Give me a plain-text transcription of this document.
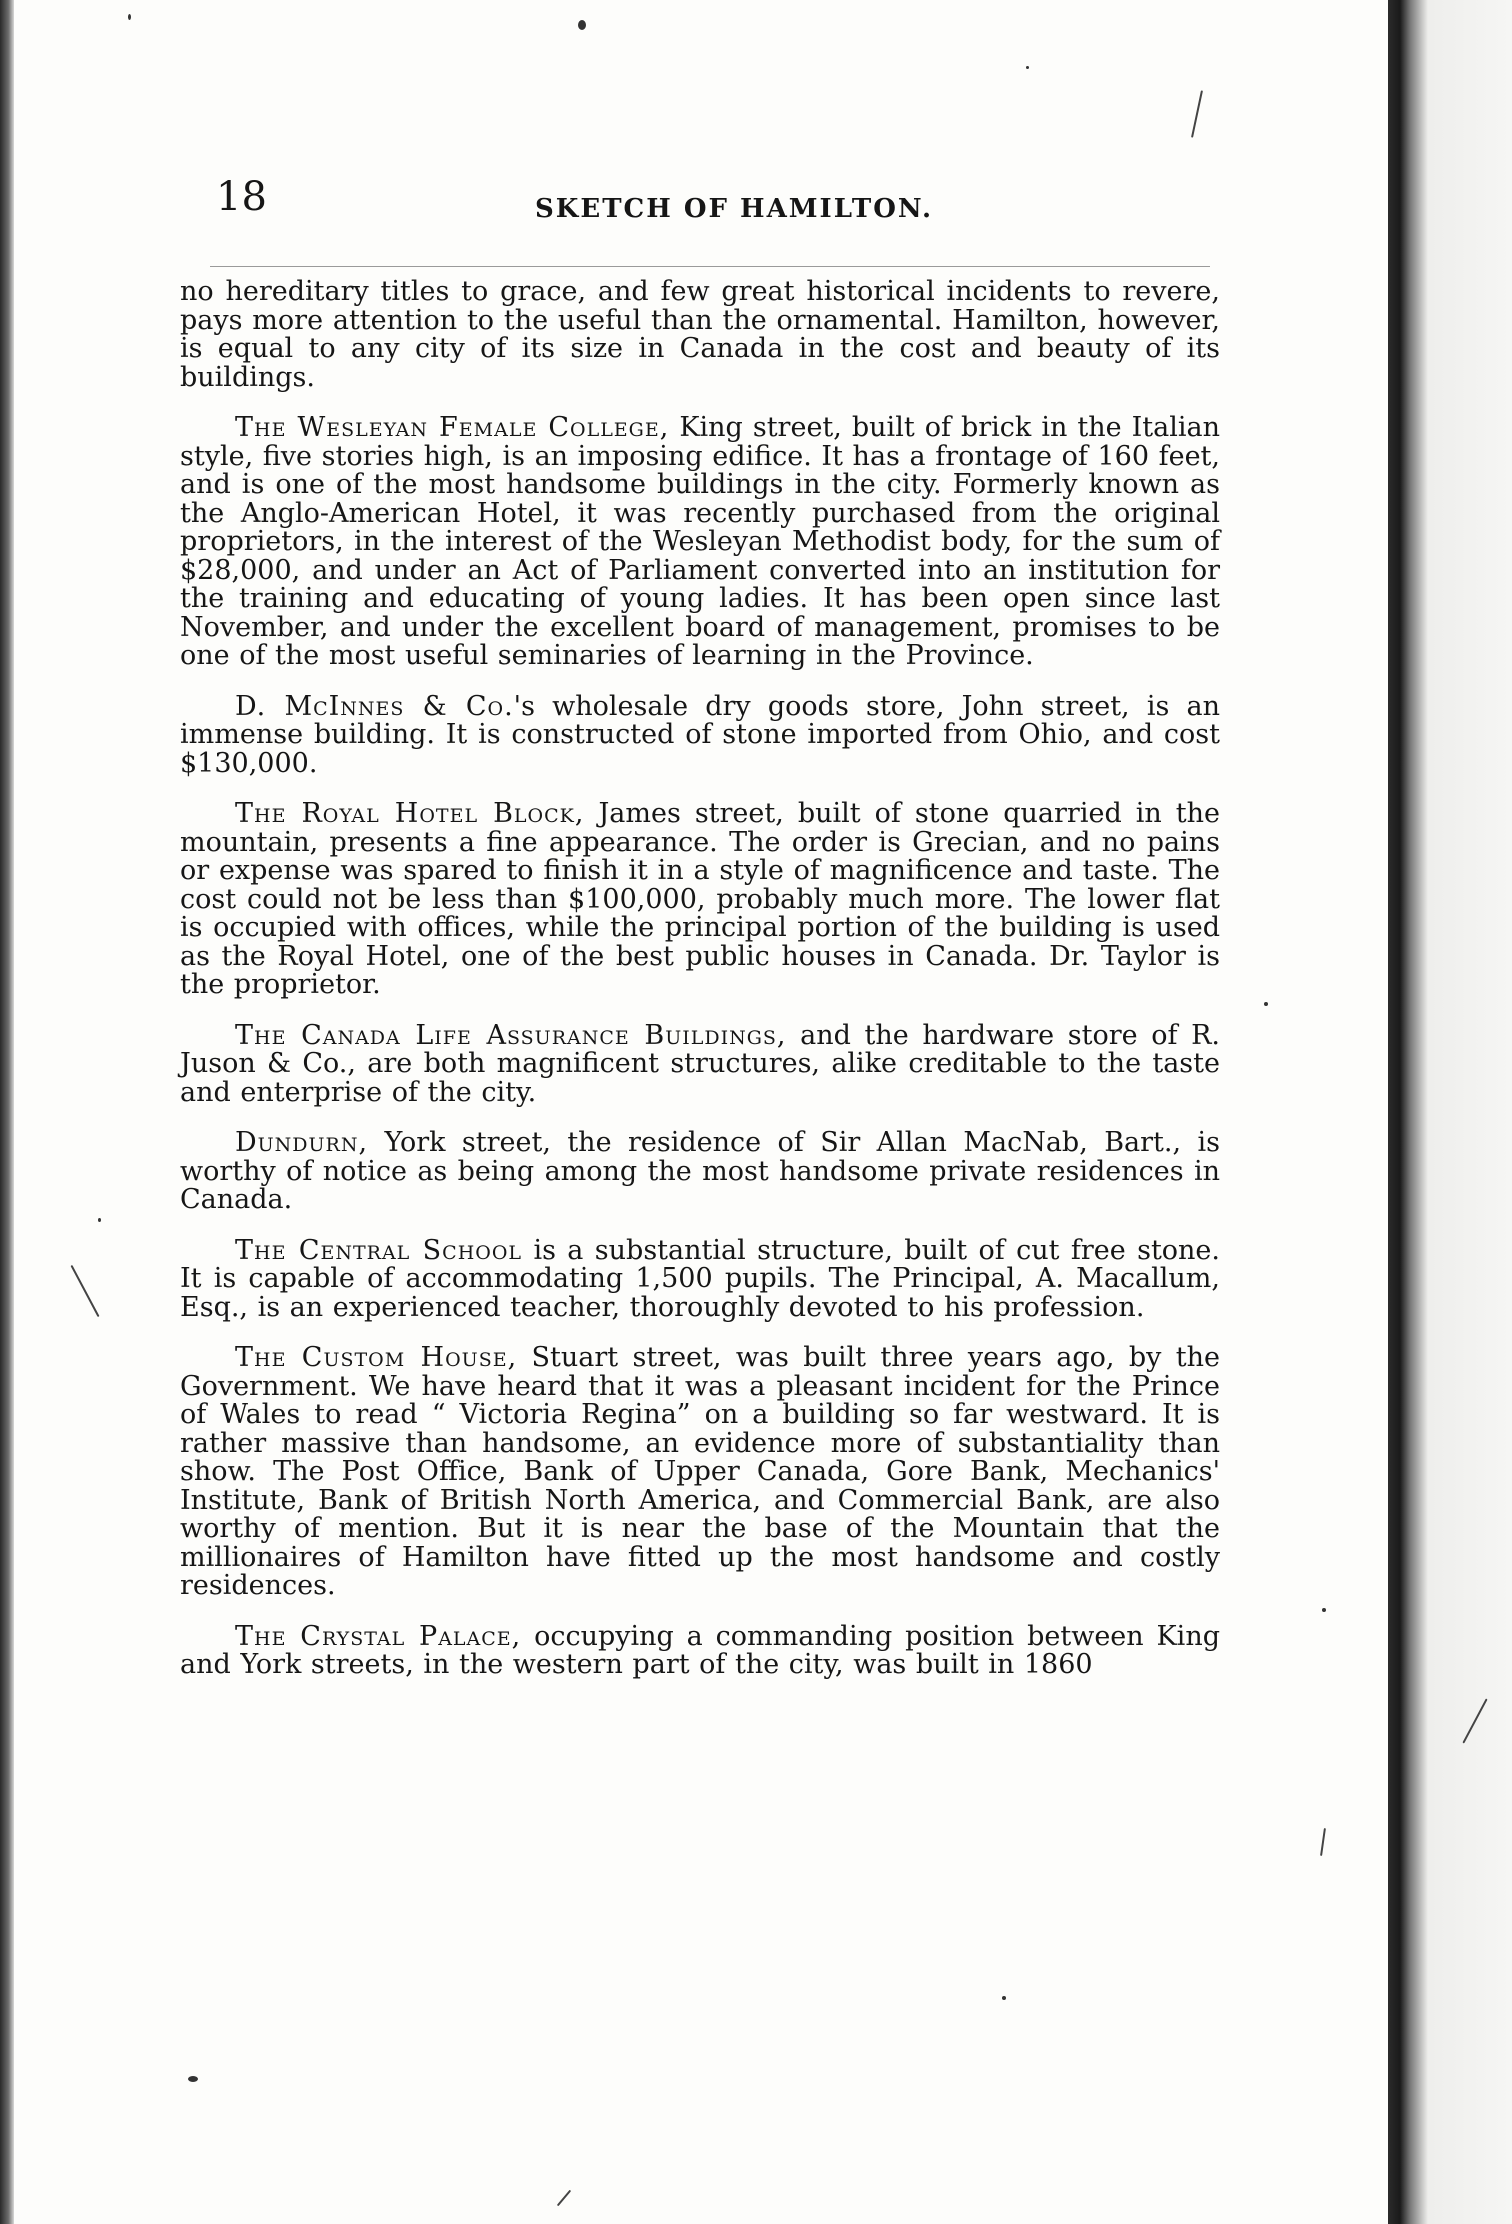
18	SKETCH OF HAMILTON.

no hereditary titles to grace, and few great historical incidents to revere, pays more attention to the useful than the ornamental. Hamilton, however, is equal to any city of its size in Canada in the cost and beauty of its buildings.

The Wesleyan Female College, King street, built of brick in the Italian style, five stories high, is an imposing edifice. It has a frontage of 160 feet, and is one of the most handsome buildings in the city. Formerly known as the Anglo-American Hotel, it was recently purchased from the original proprietors, in the interest of the Wesleyan Methodist body, for the sum of $28,000, and under an Act of Parliament converted into an institution for the training and educating of young ladies. It has been open since last November, and under the excellent board of management, promises to be one of the most useful seminaries of learning in the Province.

D. McInnes & Co.'s wholesale dry goods store, John street, is an immense building. It is constructed of stone imported from Ohio, and cost $130,000.

The Royal Hotel Block, James street, built of stone quarried in the mountain, presents a fine appearance. The order is Grecian, and no pains or expense was spared to finish it in a style of magnificence and taste. The cost could not be less than $100,000, probably much more. The lower flat is occupied with offices, while the principal portion of the building is used as the Royal Hotel, one of the best public houses in Canada. Dr. Taylor is the proprietor.

The Canada Life Assurance Buildings, and the hardware store of R. Juson & Co., are both magnificent structures, alike creditable to the taste and enterprise of the city.

Dundurn, York street, the residence of Sir Allan MacNab, Bart., is worthy of notice as being among the most handsome private residences in Canada.

The Central School is a substantial structure, built of cut free stone. It is capable of accommodating 1,500 pupils. The Principal, A. Macallum, Esq., is an experienced teacher, thoroughly devoted to his profession.

The Custom House, Stuart street, was built three years ago, by the Government. We have heard that it was a pleasant incident for the Prince of Wales to read “ Victoria Regina” on a building so far westward. It is rather massive than handsome, an evidence more of substantiality than show. The Post Office, Bank of Upper Canada, Gore Bank, Mechanics' Institute, Bank of British North America, and Commercial Bank, are also worthy of mention. But it is near the base of the Mountain that the millionaires of Hamilton have fitted up the most handsome and costly residences.

The Crystal Palace, occupying a commanding position between King and York streets, in the western part of the city, was built in 1860
